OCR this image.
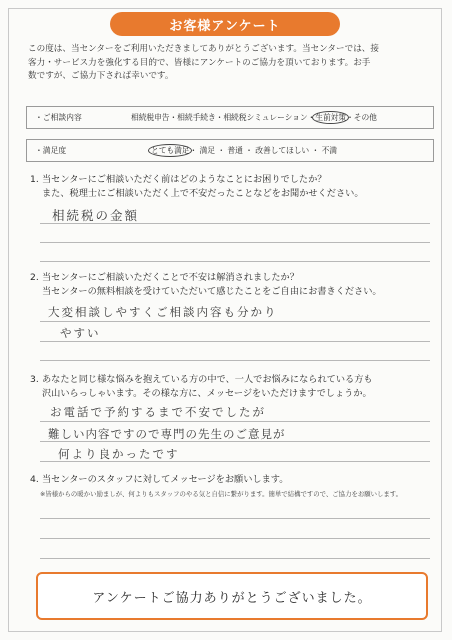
お客様アンケート
この度は、当センターをご利用いただきましてありがとうございます。当センターでは、接
客力・サービス力を強化する目的で、皆様にアンケートのご協力を頂いております。お手
数ですが、ご協力下されば幸いです。
・ご相談内容	相続税申告・相続手続き・相続税シミュレーション・生前対策・その他
・満足度	とても満足・ 満足 ・ 普通 ・ 改善してほしい ・ 不満
1. 当センターにご相談いただく前はどのようなことにお困りでしたか？
また、税理士にご相談いただく上で不安だったことなどをお聞かせください。
相続税の金額
2. 当センターにご相談いただくことで不安は解消されましたか？
当センターの無料相談を受けていただいて感じたことをご自由にお書きください。
大変相談しやすくご相談内容も分かり
やすい
3. あなたと同じ様な悩みを抱えている方の中で、一人でお悩みになられている方も
沢山いらっしゃいます。その様な方に、メッセージをいただけますでしょうか。
お電話で予約するまで不安でしたが
難しい内容ですので専門の先生のご意見が
何より良かったです
4. 当センターのスタッフに対してメッセージをお願いします。
※皆様からの暖かい励ましが、何よりもスタッフのやる気と自信に繋がります。簡単で結構ですので、ご協力をお願いします。
アンケートご協力ありがとうございました。
